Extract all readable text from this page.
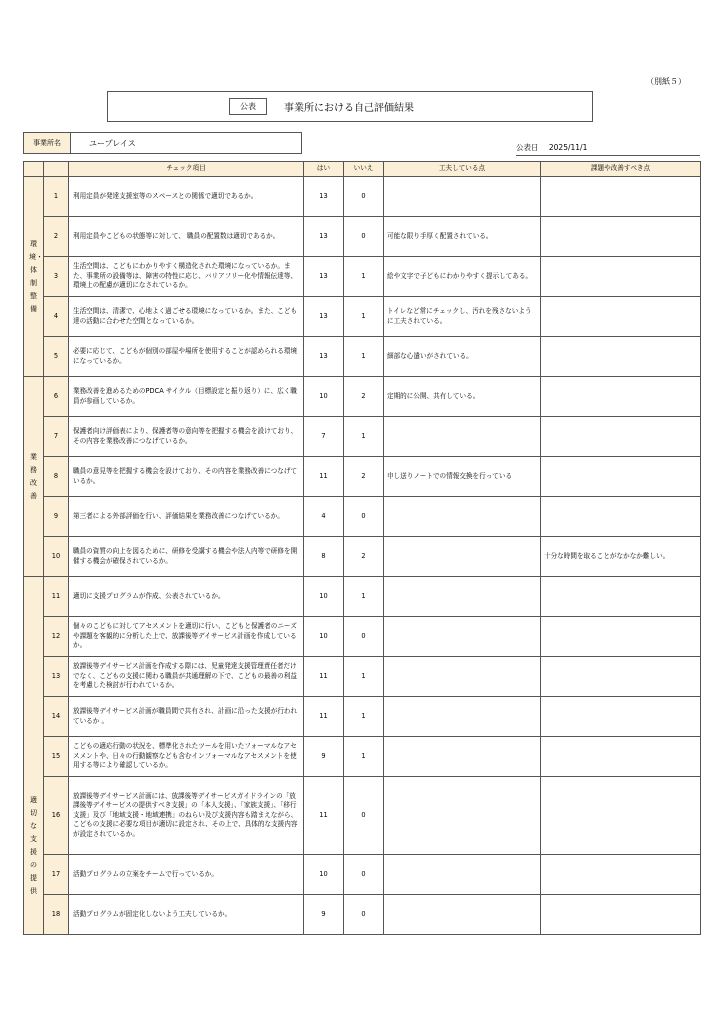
（別紙５）
公表	事業所における自己評価結果
事業所名	ユープレイス	公表日 2025/11/1
		チェック項目	はい	いいえ	工夫している点	課題や改善すべき点
環境・体制整備	1	利用定員が発達支援室等のスペースとの関係で適切であるか。	13	0		
	2	利用定員やこどもの状態等に対して、 職員の配置数は適切であるか。	13	0	可能な限り手厚く配置されている。	
	3	生活空間は、こどもにわかりやすく構造化された環境になっているか。また、事業所の設備等は、障害の特性に応じ、バリアフリー化や情報伝達等、環境上の配慮が適切になされているか。	13	1	絵や文字で子どもにわかりやすく提示してある。	
	4	生活空間は、清潔で、心地よく過ごせる環境になっているか。また、こども達の活動に合わせた空間となっているか。	13	1	トイレなど常にチェックし、汚れを残さないように工夫されている。	
	5	必要に応じて、こどもが個別の部屋や場所を使用することが認められる環境になっているか。	13	1	細部な心遣いがされている。	
業務改善	6	業務改善を進めるためのPDCA サイクル（目標設定と振り返り）に、広く職員が参画しているか。	10	2	定期的に公開、共有している。	
	7	保護者向け評価表により、保護者等の意向等を把握する機会を設けており、その内容を業務改善につなげているか。	7	1		
	8	職員の意見等を把握する機会を設けており、その内容を業務改善につなげているか。	11	2	申し送りノートでの情報交換を行っている	
	9	第三者による外部評価を行い、評価結果を業務改善につなげているか。	4	0		
	10	職員の資質の向上を図るために、研修を受講する機会や法人内等で研修を開催する機会が確保されているか。	8	2		十分な時間を取ることがなかなか難しい。
適切な支援の提供	11	適切に支援プログラムが作成、公表されているか。	10	1		
	12	個々のこどもに対してアセスメントを適切に行い、こどもと保護者のニーズや課題を客観的に分析した上で、放課後等デイサービス計画を作成しているか。	10	0		
	13	放課後等デイサービス計画を作成する際には、児童発達支援管理責任者だけでなく、こどもの支援に関わる職員が共通理解の下で、こどもの最善の利益を考慮した検討が行われているか。	11	1		
	14	放課後等デイサービス計画が職員間で共有され、計画に沿った支援が行われているか 。	11	1		
	15	こどもの適応行動の状況を、標準化されたツールを用いたフォーマルなアセスメントや、日々の行動観察なども含むインフォーマルなアセスメントを使用する等により確認しているか。	9	1		
	16	放課後等デイサービス計画には、放課後等デイサービスガイドラインの「放課後等デイサービスの提供すべき支援」の「本人支援」、「家族支援」、「移行支援」及び「地域支援・地域連携」のねらい及び支援内容も踏まえながら、こどもの支援に必要な項目が適切に設定され、その上で、具体的な支援内容が設定されているか。	11	0		
	17	活動プログラムの立案をチームで行っているか。	10	0		
	18	活動プログラムが固定化しないよう工夫しているか。	9	0		
